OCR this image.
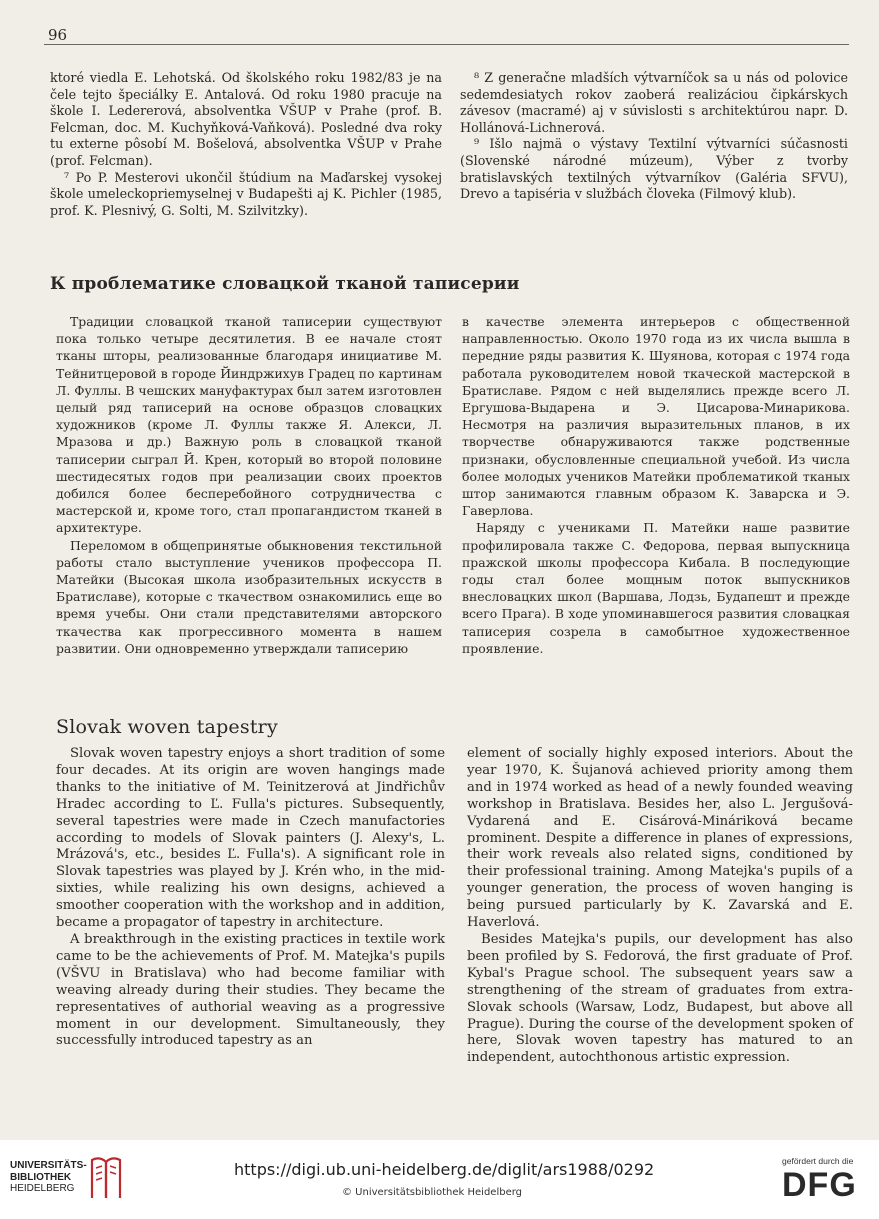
96

ktoré viedla E. Lehotská. Od školského roku 1982/83 je na čele tejto špeciálky E. Antalová. Od roku 1980 pracuje na škole I. Ledererová, absolventka VŠUP v Prahe (prof. B. Felcman, doc. M. Kuchyňková-Vaňková). Posledné dva roky tu externe pôsobí M. Bošelová, absolventka VŠUP v Prahe (prof. Felcman).

⁷ Po P. Mesterovi ukončil štúdium na Maďarskej vysokej škole umeleckopriemyselnej v Budapešti aj K. Pichler (1985, prof. K. Plesnivý, G. Solti, M. Szilvitzky).

⁸ Z generačne mladších výtvarníčok sa u nás od polovice sedemdesiatych rokov zaoberá realizáciou čipkárskych závesov (macramé) aj v súvislosti s architektúrou napr. D. Hollánová-Lichnerová.

⁹ Išlo najmä o výstavy Textilní výtvarníci súčasnosti (Slovenské národné múzeum), Výber z tvorby bratislavských textilných výtvarníkov (Galéria SFVU), Drevo a tapiséria v službách človeka (Filmový klub).

К проблематике словацкой тканой тапиcерии

Традиции словацкой тканой тапиcерии существуют пока только четыре десятилетия. В ее начале стоят тканы шторы, реализованные благодаря инициативе М. Тейнитцеровой в городе Йиндржихув Градец по картинам Л. Фуллы. В чешских мануфактурах был затем изготовлен целый ряд тапиcерий на основе образцов словацких художников (кроме Л. Фуллы также Я. Алекси, Л. Мразова и др.) Важную роль в словацкой тканой тапиcерии сыграл Й. Крен, который во второй половине шестидесятых годов при реализации своих проектов добился более бесперебойного сотрудничества с мастерской и, кроме того, стал пропагандистом тканей в архитектуре.

Переломом в общепринятые обыкновения текстильной работы стало выступление учеников профессора П. Матейки (Высокая школа изобразительных искусств в Братиславе), которые с ткачеством ознакомились еще во время учебы. Они стали представителями авторского ткачества как прогрессивного момента в нашем развитии. Они одновременно утверждали тапиcерию

в качестве элемента интерьеров с общественной направленностью. Около 1970 года из их числа вышла в передние ряды развития К. Шуянова, которая с 1974 года работала руководителем новой ткаческой мастерской в Братиславе. Рядом с ней выделялись прежде всего Л. Ергушова-Выдарена и Э. Цисарова-Минарикова. Несмотря на различия выразительных планов, в их творчестве обнаруживаются также родственные признаки, обусловленные специальной учебой. Из числа более молодых учеников Матейки проблематикой тканых штор занимаются главным образом К. Заварска и Э. Гаверлова.

Наряду с учениками П. Матейки наше развитие профилировала также С. Федорова, первая выпускница пражской школы профессора Кибала. В последующие годы стал более мощным поток выпускников внесловацких школ (Варшава, Лодзь, Будапешт и прежде всего Прага). В ходе упоминавшегося развития словацкая тапиcерия созрела в самобытное художественное проявление.

Slovak woven tapestry

Slovak woven tapestry enjoys a short tradition of some four decades. At its origin are woven hangings made thanks to the initiative of M. Teinitzerová at Jindřichův Hradec according to Ľ. Fulla's pictures. Subsequently, several tapestries were made in Czech manufactories according to models of Slovak painters (J. Alexy's, L. Mrázová's, etc., besides Ľ. Fulla's). A significant role in Slovak tapestries was played by J. Krén who, in the mid-sixties, while realizing his own designs, achieved a smoother cooperation with the workshop and in addition, became a propagator of tapestry in architecture.

A breakthrough in the existing practices in textile work came to be the achievements of Prof. M. Matejka's pupils (VŠVU in Bratislava) who had become familiar with weaving already during their studies. They became the representatives of authorial weaving as a progressive moment in our development. Simultaneously, they successfully introduced tapestry as an

element of socially highly exposed interiors. About the year 1970, K. Šujanová achieved priority among them and in 1974 worked as head of a newly founded weaving workshop in Bratislava. Besides her, also L. Jergušová-Vydarená and E. Cisárová-Mináriková became prominent. Despite a difference in planes of expressions, their work reveals also related signs, conditioned by their professional training. Among Matejka's pupils of a younger generation, the process of woven hanging is being pursued particularly by K. Zavarská and E. Haverlová.

Besides Matejka's pupils, our development has also been profiled by S. Fedorová, the first graduate of Prof. Kybal's Prague school. The subsequent years saw a strengthening of the stream of graduates from extra-Slovak schools (Warsaw, Lodz, Budapest, but above all Prague). During the course of the development spoken of here, Slovak woven tapestry has matured to an independent, autochthonous artistic expression.

UNIVERSITÄTS-
BIBLIOTHEK
HEIDELBERG
https://digi.ub.uni-heidelberg.de/diglit/ars1988/0292
© Universitätsbibliothek Heidelberg
gefördert durch die
DFG
